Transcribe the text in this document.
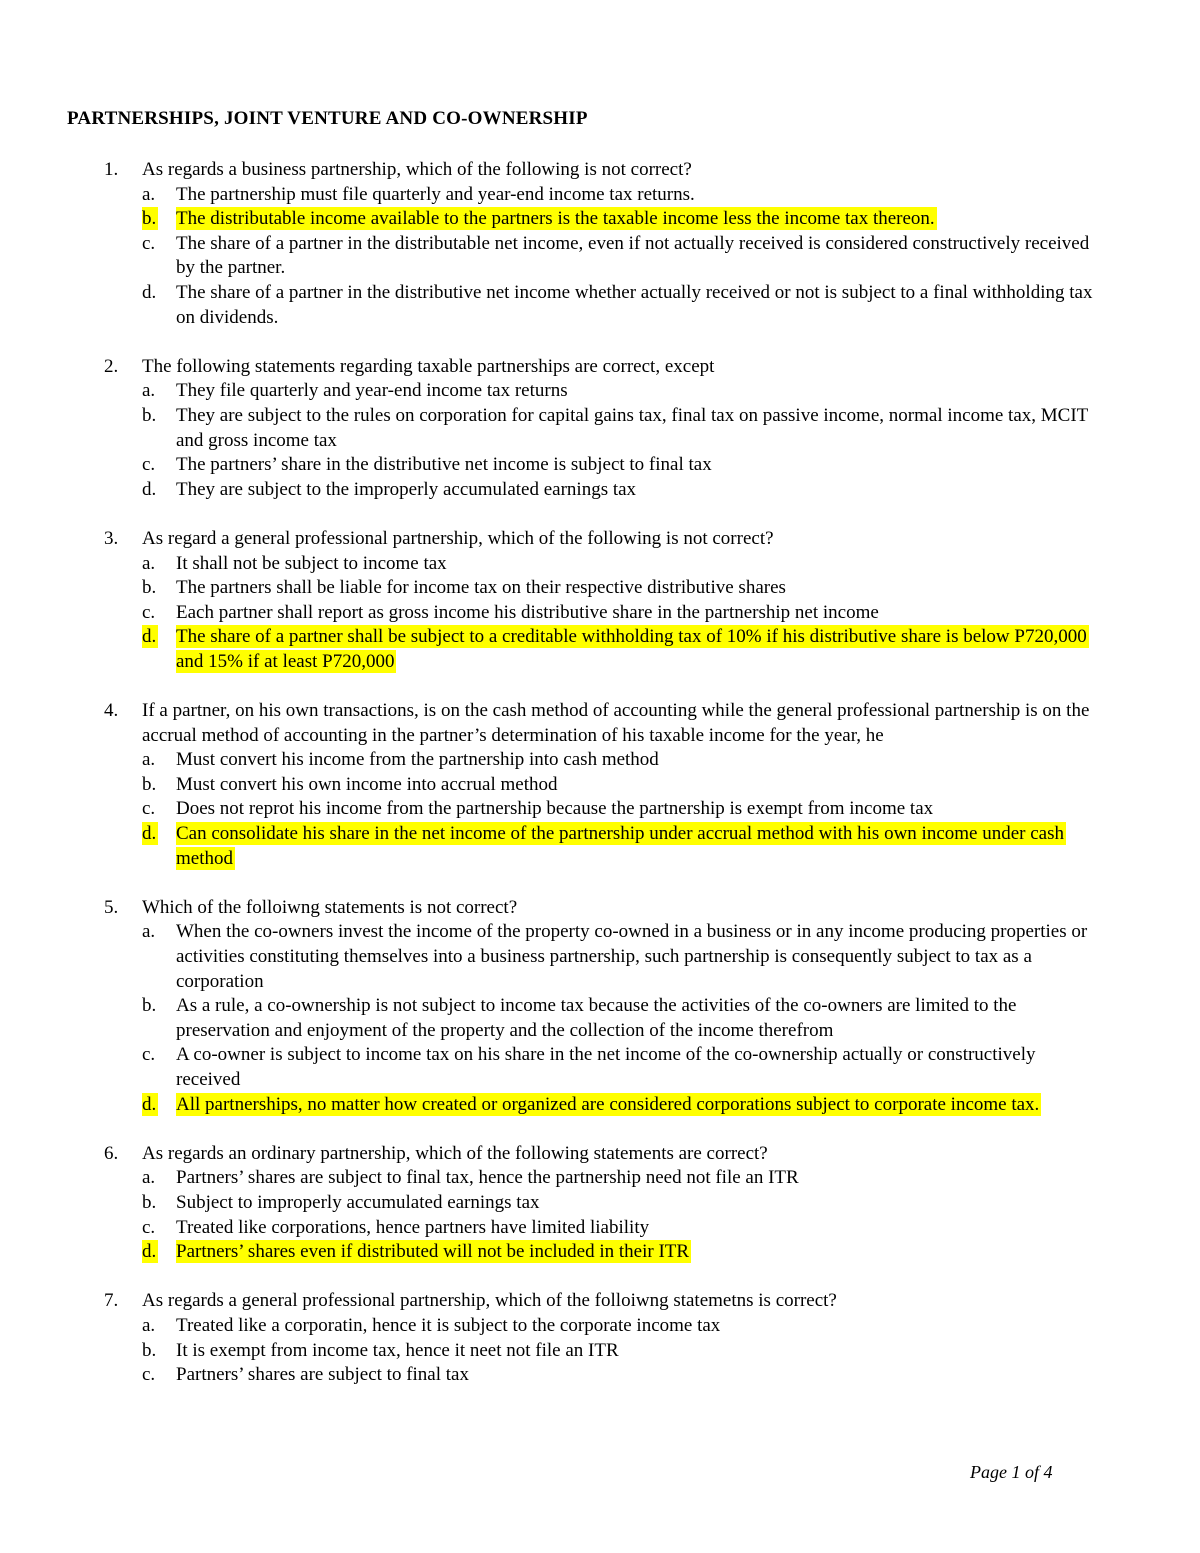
PARTNERSHIPS, JOINT VENTURE AND CO-OWNERSHIP
1.	As regards a business partnership, which of the following is not correct?
a. The partnership must file quarterly and year-end income tax returns.
b. The distributable income available to the partners is the taxable income less the income tax thereon.
c. The share of a partner in the distributable net income, even if not actually received is considered constructively received by the partner.
d. The share of a partner in the distributive net income whether actually received or not is subject to a final withholding tax on dividends.
2.	The following statements regarding taxable partnerships are correct, except
a. They file quarterly and year-end income tax returns
b. They are subject to the rules on corporation for capital gains tax, final tax on passive income, normal income tax, MCIT and gross income tax
c. The partners’ share in the distributive net income is subject to final tax
d. They are subject to the improperly accumulated earnings tax
3.	As regard a general professional partnership, which of the following is not correct?
a. It shall not be subject to income tax
b. The partners shall be liable for income tax on their respective distributive shares
c. Each partner shall report as gross income his distributive share in the partnership net income
d. The share of a partner shall be subject to a creditable withholding tax of 10% if his distributive share is below P720,000 and 15% if at least P720,000
4.	If a partner, on his own transactions, is on the cash method of accounting while the general professional partnership is on the accrual method of accounting in the partner’s determination of his taxable income for the year, he
a. Must convert his income from the partnership into cash method
b. Must convert his own income into accrual method
c. Does not reprot his income from the partnership because the partnership is exempt from income tax
d. Can consolidate his share in the net income of the partnership under accrual method with his own income under cash method
5.	Which of the folloiwng statements is not correct?
a. When the co-owners invest the income of the property co-owned in a business or in any income producing properties or activities constituting themselves into a business partnership, such partnership is consequently subject to tax as a corporation
b. As a rule, a co-ownership is not subject to income tax because the activities of the co-owners are limited to the preservation and enjoyment of the property and the collection of the income therefrom
c. A co-owner is subject to income tax on his share in the net income of the co-ownership actually or constructively received
d. All partnerships, no matter how created or organized are considered corporations subject to corporate income tax.
6.	As regards an ordinary partnership, which of the following statements are correct?
a. Partners’ shares are subject to final tax, hence the partnership need not file an ITR
b. Subject to improperly accumulated earnings tax
c. Treated like corporations, hence partners have limited liability
d. Partners’ shares even if distributed will not be included in their ITR
7.	As regards a general professional partnership, which of the folloiwng statemetns is correct?
a. Treated like a corporatin, hence it is subject to the corporate income tax
b. It is exempt from income tax, hence it neet not file an ITR
c. Partners’ shares are subject to final tax
Page 1 of 4
